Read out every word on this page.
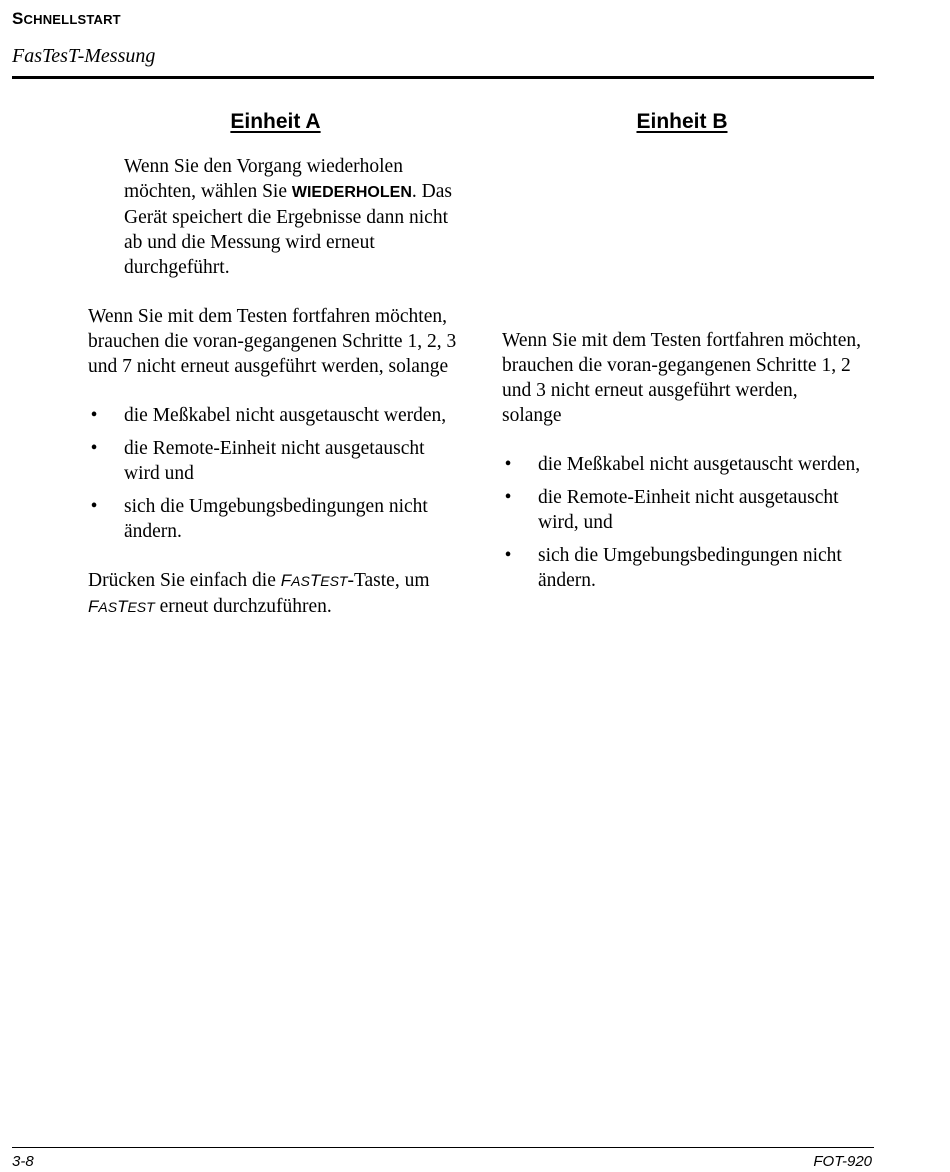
SCHNELLSTART
FasTesT-Messung
Einheit A

Wenn Sie den Vorgang wiederholen möchten, wählen Sie WIEDERHOLEN. Das Gerät speichert die Ergebnisse dann nicht ab und die Messung wird erneut durchgeführt.

Wenn Sie mit dem Testen fortfahren möchten, brauchen die voran-gegangenen Schritte 1, 2, 3 und 7 nicht erneut ausgeführt werden, solange

• die Meßkabel nicht ausgetauscht werden,
• die Remote-Einheit nicht ausgetauscht wird und
• sich die Umgebungsbedingungen nicht ändern.

Drücken Sie einfach die FASTEST-Taste, um FASTEST erneut durchzuführen.

Einheit B

Wenn Sie mit dem Testen fortfahren möchten, brauchen die voran-gegangenen Schritte 1, 2 und 3 nicht erneut ausgeführt werden, solange

• die Meßkabel nicht ausgetauscht werden,
• die Remote-Einheit nicht ausgetauscht wird, und
• sich die Umgebungsbedingungen nicht ändern.
3-8	FOT-920
